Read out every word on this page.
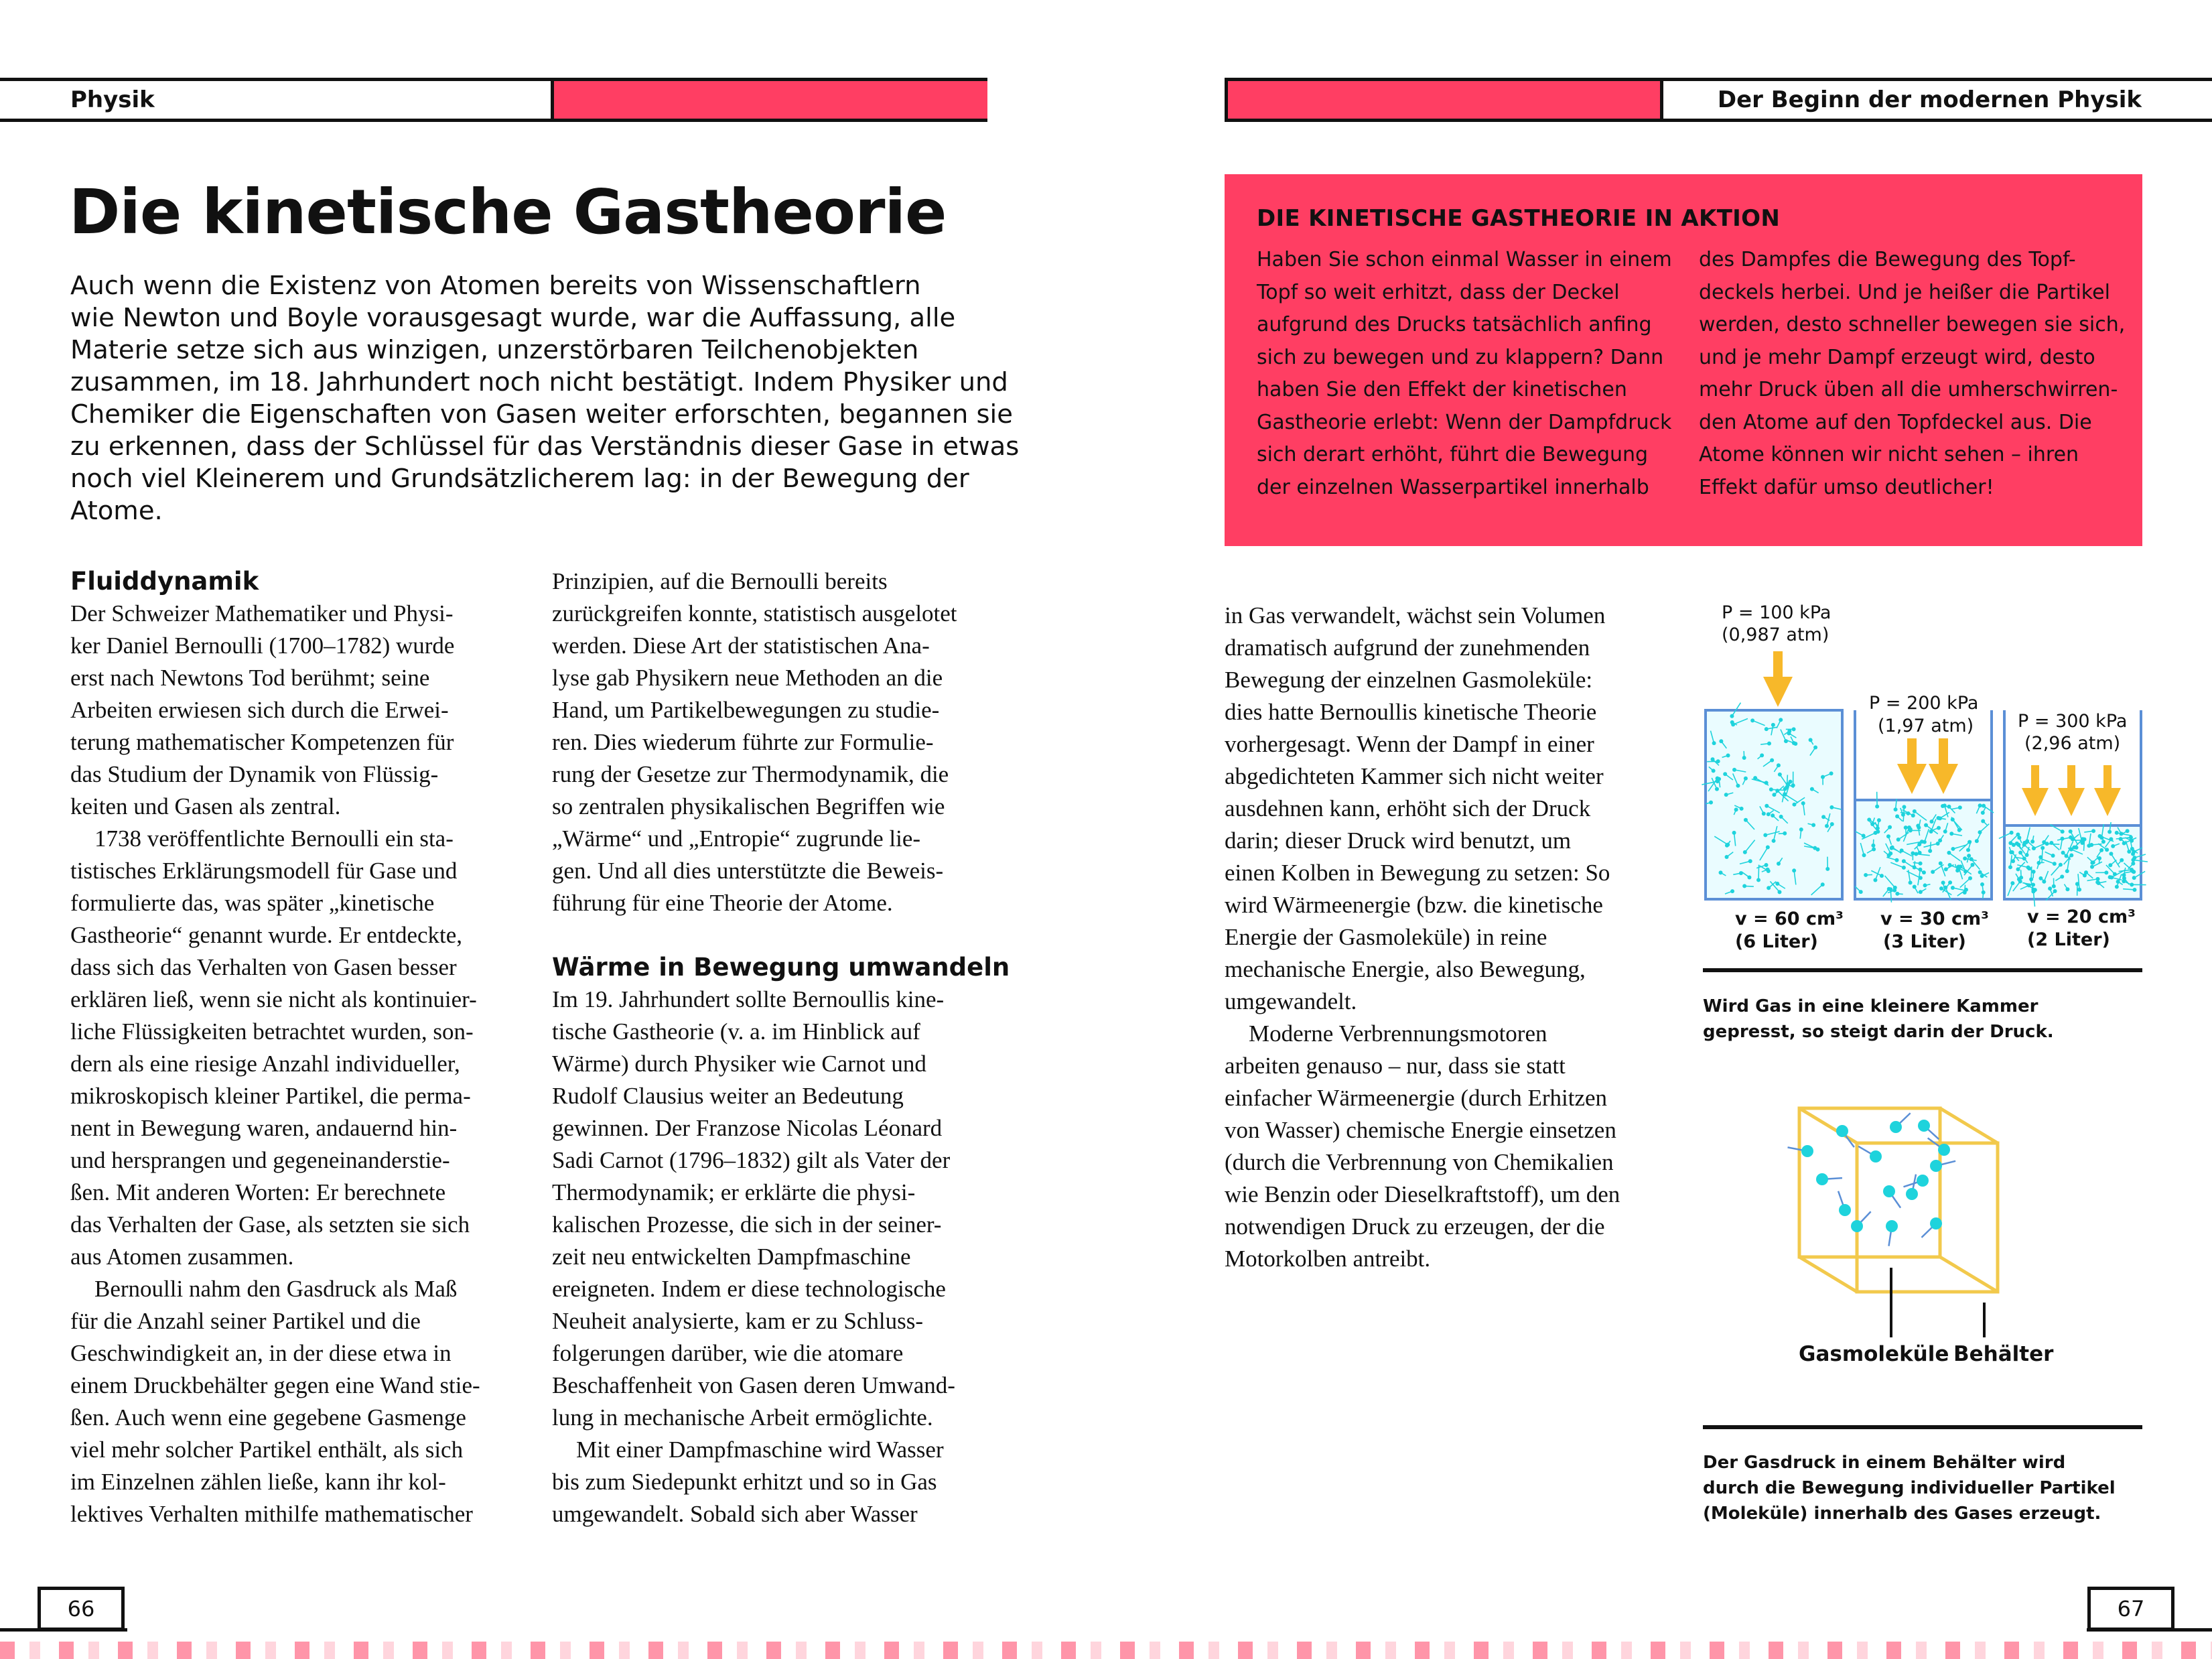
Physik	Der Beginn der modernen Physik
Die kinetische Gastheorie
Auch wenn die Existenz von Atomen bereits von Wissenschaftlern
wie Newton und Boyle vorausgesagt wurde, war die Auffassung, alle
Materie setze sich aus winzigen, unzerstörbaren Teilchenobjekten
zusammen, im 18. Jahrhundert noch nicht bestätigt. Indem Physiker und
Chemiker die Eigenschaften von Gasen weiter erforschten, begannen sie
zu erkennen, dass der Schlüssel für das Verständnis dieser Gase in etwas
noch viel Kleinerem und Grundsätzlicherem lag: in der Bewegung der
Atome.
Fluiddynamik

Der Schweizer Mathematiker und Physi-
ker Daniel Bernoulli (1700–1782) wurde
erst nach Newtons Tod berühmt; seine
Arbeiten erwiesen sich durch die Erwei-
terung mathematischer Kompetenzen für
das Studium der Dynamik von Flüssig-
keiten und Gasen als zentral.

1738 veröffentlichte Bernoulli ein sta-
tistisches Erklärungsmodell für Gase und
formulierte das, was später „kinetische
Gastheorie“ genannt wurde. Er entdeckte,
dass sich das Verhalten von Gasen besser
erklären ließ, wenn sie nicht als kontinuier-
liche Flüssigkeiten betrachtet wurden, son-
dern als eine riesige Anzahl individueller,
mikroskopisch kleiner Partikel, die perma-
nent in Bewegung waren, andauernd hin-
und hersprangen und gegeneinanderstie-
ßen. Mit anderen Worten: Er berechnete
das Verhalten der Gase, als setzten sie sich
aus Atomen zusammen.

Bernoulli nahm den Gasdruck als Maß
für die Anzahl seiner Partikel und die
Geschwindigkeit an, in der diese etwa in
einem Druckbehälter gegen eine Wand stie-
ßen. Auch wenn eine gegebene Gasmenge
viel mehr solcher Partikel enthält, als sich
im Einzelnen zählen ließe, kann ihr kol-
lektives Verhalten mithilfe mathematischer

Prinzipien, auf die Bernoulli bereits
zurückgreifen konnte, statistisch ausgelotet
werden. Diese Art der statistischen Ana-
lyse gab Physikern neue Methoden an die
Hand, um Partikelbewegungen zu studie-
ren. Dies wiederum führte zur Formulie-
rung der Gesetze zur Thermodynamik, die
so zentralen physikalischen Begriffen wie
„Wärme“ und „Entropie“ zugrunde lie-
gen. Und all dies unterstützte die Beweis-
führung für eine Theorie der Atome.

Wärme in Bewegung umwandeln

Im 19. Jahrhundert sollte Bernoullis kine-
tische Gastheorie (v. a. im Hinblick auf
Wärme) durch Physiker wie Carnot und
Rudolf Clausius weiter an Bedeutung
gewinnen. Der Franzose Nicolas Léonard
Sadi Carnot (1796–1832) gilt als Vater der
Thermodynamik; er erklärte die physi-
kalischen Prozesse, die sich in der seiner-
zeit neu entwickelten Dampfmaschine
ereigneten. Indem er diese technologische
Neuheit analysierte, kam er zu Schluss-
folgerungen darüber, wie die atomare
Beschaffenheit von Gasen deren Umwand-
lung in mechanische Arbeit ermöglichte.

Mit einer Dampfmaschine wird Wasser
bis zum Siedepunkt erhitzt und so in Gas
umgewandelt. Sobald sich aber Wasser

DIE KINETISCHE GASTHEORIE IN AKTION
Haben Sie schon einmal Wasser in einem
Topf so weit erhitzt, dass der Deckel
aufgrund des Drucks tatsächlich anfing
sich zu bewegen und zu klappern? Dann
haben Sie den Effekt der kinetischen
Gastheorie erlebt: Wenn der Dampfdruck
sich derart erhöht, führt die Bewegung
der einzelnen Wasserpartikel innerhalb
des Dampfes die Bewegung des Topf-
deckels herbei. Und je heißer die Partikel
werden, desto schneller bewegen sie sich,
und je mehr Dampf erzeugt wird, desto
mehr Druck üben all die umherschwirren-
den Atome auf den Topfdeckel aus. Die
Atome können wir nicht sehen – ihren
Effekt dafür umso deutlicher!

in Gas verwandelt, wächst sein Volumen
dramatisch aufgrund der zunehmenden
Bewegung der einzelnen Gasmoleküle:
dies hatte Bernoullis kinetische Theorie
vorhergesagt. Wenn der Dampf in einer
abgedichteten Kammer sich nicht weiter
ausdehnen kann, erhöht sich der Druck
darin; dieser Druck wird benutzt, um
einen Kolben in Bewegung zu setzen: So
wird Wärmeenergie (bzw. die kinetische
Energie der Gasmoleküle) in reine
mechanische Energie, also Bewegung,
umgewandelt.

Moderne Verbrennungsmotoren
arbeiten genauso – nur, dass sie statt
einfacher Wärmeenergie (durch Erhitzen
von Wasser) chemische Energie einsetzen
(durch die Verbrennung von Chemikalien
wie Benzin oder Dieselkraftstoff), um den
notwendigen Druck zu erzeugen, der die
Motorkolben antreibt.

P = 100 kPa
(0,987 atm)
P = 200 kPa
(1,97 atm) P = 300 kPa
(2,96 atm)
v = 60 cm³
(6 Liter)
v = 30 cm³
(3 Liter)
v = 20 cm³
(2 Liter)
Wird Gas in eine kleinere Kammer
gepresst, so steigt darin der Druck.
Gasmoleküle Behälter
Der Gasdruck in einem Behälter wird
durch die Bewegung individueller Partikel
(Moleküle) innerhalb des Gases erzeugt.
66	67
